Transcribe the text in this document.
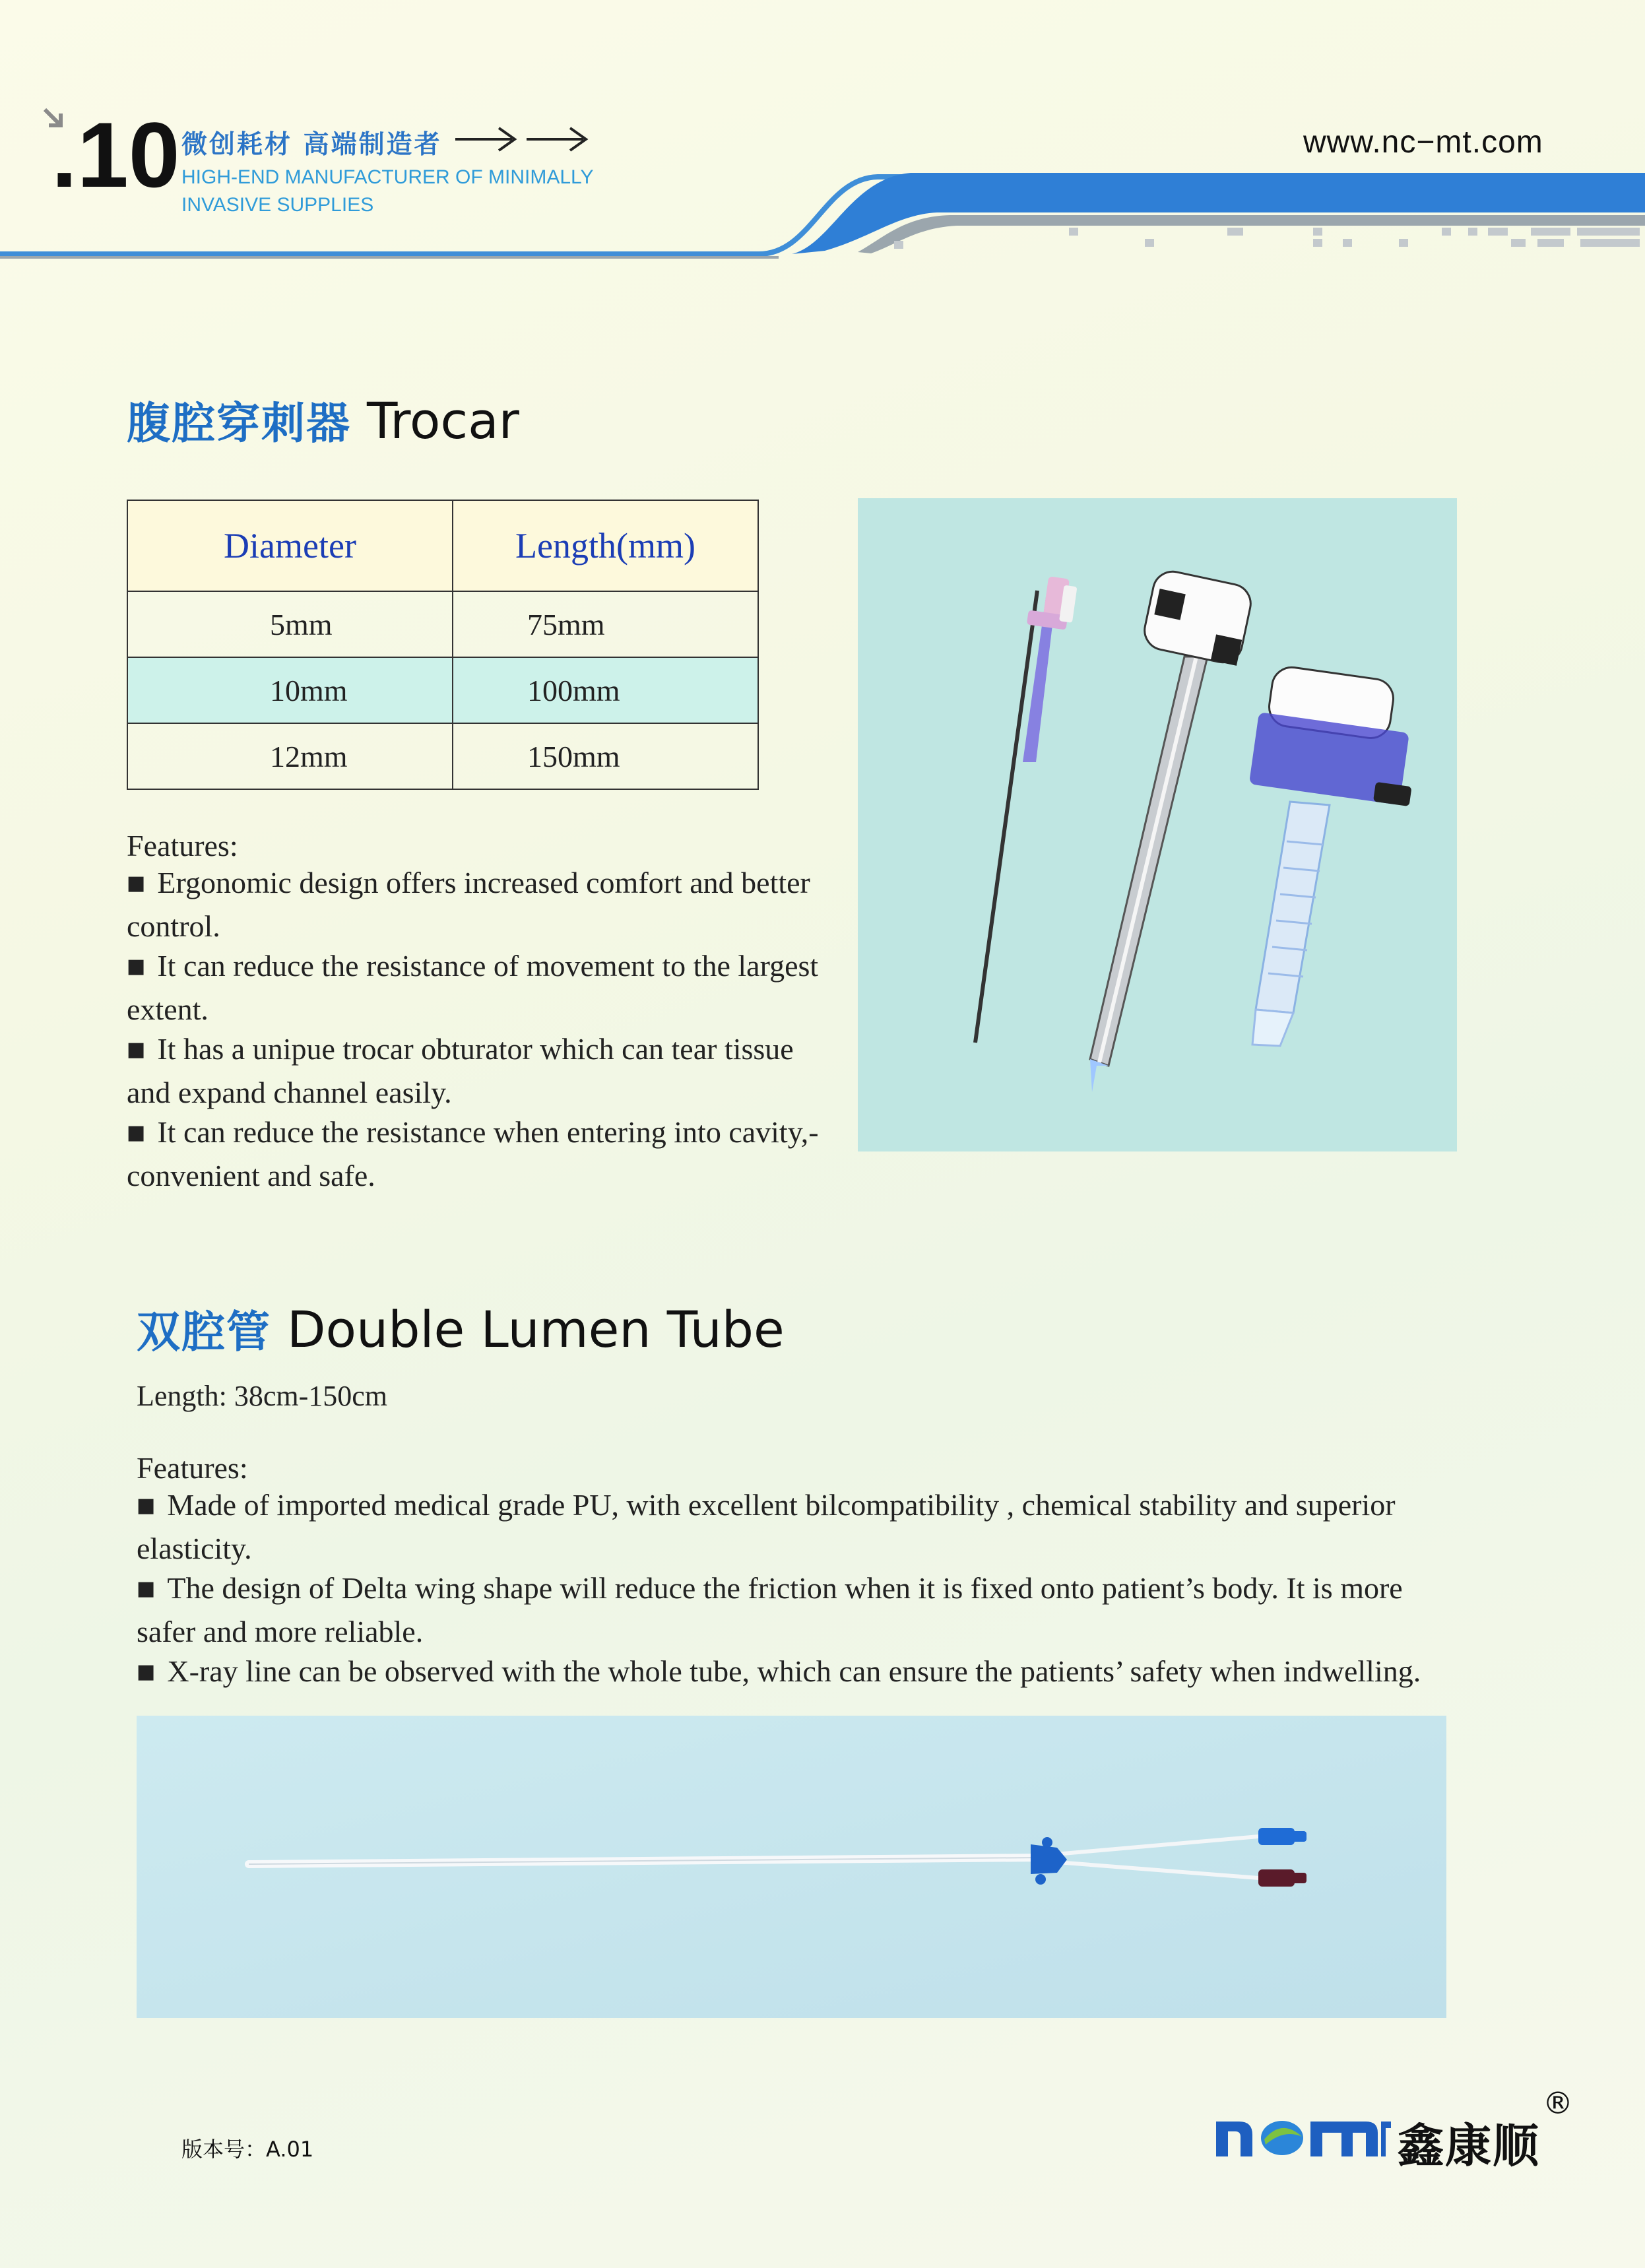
.10 微创耗材 高端制造者
HIGH-END MANUFACTURER OF MINIMALLY
INVASIVE SUPPLIES
www.nc−mt.com
腹腔穿刺器 Trocar
Diameter	Length(mm)
5mm	75mm
10mm	100mm
12mm	150mm
Features:
■ Ergonomic design offers increased comfort and better
control.
■ It can reduce the resistance of movement to the largest
extent.
■ It has a unipue trocar obturator which can tear tissue
and expand channel easily.
■ It can reduce the resistance when entering into cavity,-
convenient and safe.
双腔管 Double Lumen Tube
Length: 38cm-150cm
Features:
■ Made of imported medical grade PU, with excellent bilcompatibility , chemical stability and superior
elasticity.
■ The design of Delta wing shape will reduce the friction when it is fixed onto patient’s body. It is more
safer and more reliable.
■ X-ray line can be observed with the whole tube, which can ensure the patients’ safety when indwelling.
版本号：A.01	鑫康顺
®
